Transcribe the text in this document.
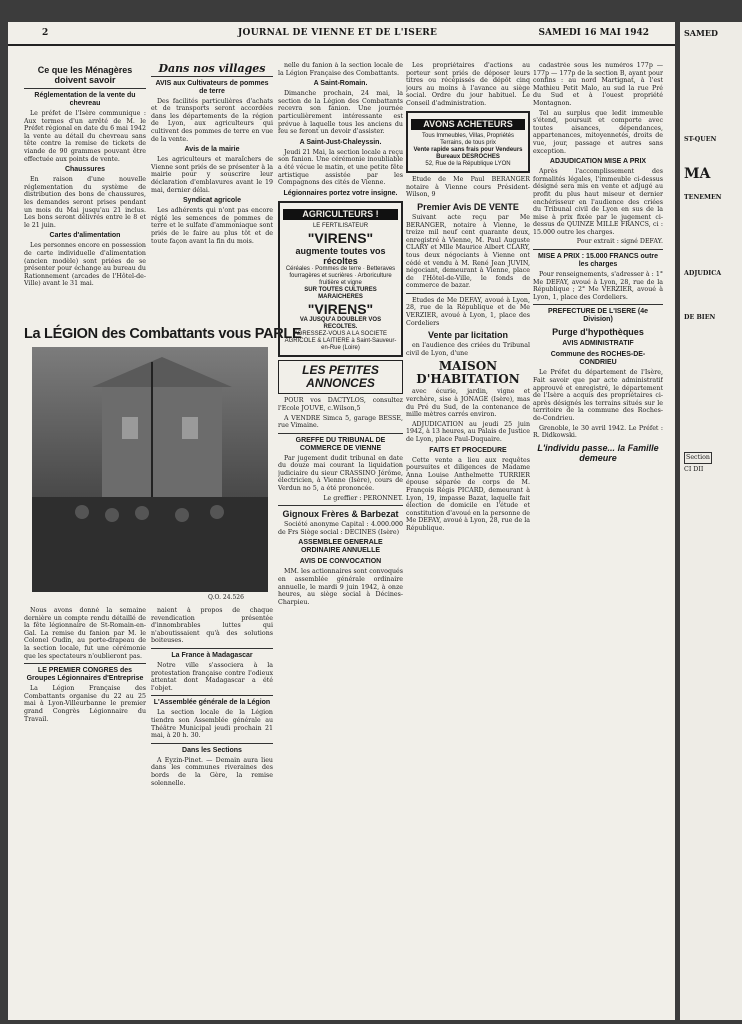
2	JOURNAL DE VIENNE ET DE L'ISERE	SAMEDI 16 MAI 1942
Ce que les Ménagères doivent savoir
Réglementation de la vente du chevreau

Le préfet de l'Isère communique : Aux termes d'un arrêté de M. le Préfet régional en date du 6 mai 1942 la vente au détail du chevreau sans tête contre la remise de tickets de viande de 90 grammes pouvant être effectuée aux points de vente.

Chaussures

En raison d'une nouvelle réglementation du système de distribution des bons de chaussures, les demandes seront prises pendant un mois du Mai jusqu'au 21 inclus. Les bons seront délivrés entre le 8 et le 21 juin.

Cartes d'alimentation

Les personnes encore en possession de carte individuelle d'alimentation (ancien modèle) sont priées de se présenter pour échange au bureau du Rationnement (arcades de l'Hôtel-de-Ville) avant le 31 mai.

Dans nos villages
AVIS aux Cultivateurs de pommes de terre

Des facilités particulières d'achats et de transports seront accordées dans les départements de la région de Lyon, aux agriculteurs qui cultivent des pommes de terre en vue de la vente.

Avis de la mairie

Les agriculteurs et maraîchers de Vienne sont priés de se présenter à la mairie pour y souscrire leur déclaration d'emblavures avant le 19 mai, dernier délai.

Syndicat agricole

Les adhérents qui n'ont pas encore réglé les semences de pommes de terre et le sulfate d'ammoniaque sont priés de le faire au plus tôt et de toute façon avant la fin du mois.

La LÉGION des Combattants vous PARLE
Q.O. 24.526

Nous avons donné la semaine dernière un compte rendu détaillé de la fête légionnaire de St-Romain-en-Gal. La remise du fanion par M. le Colonel Oudin, au porte-drapeau de la section locale, fut une cérémonie que les spectateurs n'oublieront pas.

LE PREMIER CONGRES des Groupes Légionnaires d'Entreprise

La Légion Française des Combattants organise du 22 au 25 mai à Lyon-Villeurbanne le premier grand Congrès Légionnaire du Travail.

naient à propos de chaque revendication présentée d'innombrables luttes qui n'aboutissaient qu'à des solutions boiteuses.

La France à Madagascar

Notre ville s'associera à la protestation française contre l'odieux attentat dont Madagascar a été l'objet.

L'Assemblée générale de la Légion

La section locale de la Légion tiendra son Assemblée générale au Théâtre Municipal jeudi prochain 21 mai, à 20 h. 30.

Dans les Sections

A Eyzin-Pinet. — Demain aura lieu dans les communes riveraines des bords de la Gère, la remise solennelle.

nelle du fanion à la section locale de la Légion Française des Combattants.

A Saint-Romain.

Dimanche prochain, 24 mai, la section de la Légion des Combattants recevra son fanion. Une journée particulièrement intéressante est prévue à laquelle tous les anciens du feu se feront un devoir d'assister.

A Saint-Just-Chaleyssin.

Jeudi 21 Mai, la section locale a reçu son fanion. Une cérémonie inoubliable a été vécue le matin, et une petite fête artistique assistée par les Compagnons des cités de Vienne.

Légionnaires portez votre insigne.
AGRICULTEURS !
LE FERTILISATEUR
"VIRENS"
augmente toutes vos récoltes
Céréales · Pommes de terre · Betteraves fourragères et sucrières · Arboriculture fruitière et vigne
SUR TOUTES CULTURES MARAICHERES
"VIRENS"
VA JUSQU'A DOUBLER VOS RECOLTES.
ADRESSEZ-VOUS A LA SOCIETE AGRICOLE & LAITIERE à Saint-Sauveur-en-Rue (Loire)
LES PETITES ANNONCES

POUR vos DACTYLOS, consultez l'Ecole JOUVE, c.Wilson,5

A VENDRE Simca 5, garage BESSE, rue Vimaine.

GREFFE DU TRIBUNAL DE COMMERCE DE VIENNE

Par jugement dudit tribunal en date du douze mai courant la liquidation judiciaire du sieur CRASSINO Jérôme, électricien, à Vienne (Isère), cours de Verdun no 5, a été prononcée.

Le greffier : PERONNET.

Gignoux Frères & Barbezat

Société anonyme Capital : 4.000.000 de Frs Siège social : DECINES (Isère)

ASSEMBLEE GENERALE ORDINAIRE ANNUELLE
AVIS DE CONVOCATION

MM. les actionnaires sont convoqués en assemblée générale ordinaire annuelle, le mardi 9 juin 1942, à onze heures, au siège social à Décines-Charpieu.

Les propriétaires d'actions au porteur sont priés de déposer leurs titres ou récépissés de dépôt cinq jours au moins à l'avance au siège social. Ordre du jour habituel. Le Conseil d'administration.

AVONS ACHETEURS
Tous Immeubles, Villas, Propriétés
Terrains, de tous prix
Vente rapide sans frais pour Vendeurs
Bureaux DESROCHES
52, Rue de la République LYON

Etude de Me Paul BERANGER notaire à Vienne cours Président-Wilson, 9

Premier Avis DE VENTE

Suivant acte reçu par Me BERANGER, notaire à Vienne, le treize mil neuf cent quarante deux, enregistré à Vienne, M. Paul Auguste CLARY et Mlle Maurice Albert CLARY, tous deux négociants à Vienne ont cédé et vendu à M. René Jean JUVIN, négociant, demeurant à Vienne, place de l'Hôtel-de-Ville, le fonds de commerce de bazar.

Etudes de Me DEFAY, avoué à Lyon, 28, rue de la République et de Me VERZIER, avoué à Lyon, 1, place des Cordeliers

Vente par licitation

en l'audience des criées du Tribunal civil de Lyon, d'une

MAISON D'HABITATION

avec écurie, jardin, vigne et verchère, sise à JONAGE (Isère), mas du Pré du Sud, de la contenance de mille mètres carrés environ.

ADJUDICATION au jeudi 25 juin 1942, à 13 heures, au Palais de Justice de Lyon, place Paul-Duquaire.

FAITS ET PROCEDURE

Cette vente a lieu aux requêtes poursuites et diligences de Madame Anna Louise Anthelmette TURRIER épouse séparée de corps de M. François Régis PICARD, demeurant à Lyon, 19, impasse Bazat, laquelle fait élection de domicile en l'étude et constitution d'avoué en la personne de Me DEFAY, avoué à Lyon, 28, rue de la République.

cadastrée sous les numéros 177p — 177p — 177p de la section B, ayant pour confins : au nord Martignat, à l'est Mathieu Petit Malo, au sud la rue Pré du Sud et à l'ouest propriété Montagnon.

Tel au surplus que ledit immeuble s'étend, poursuit et comporte avec toutes aisances, dépendances, appartenances, mitoyennetés, droits de vue, jour, passage et autres sans exception.

ADJUDICATION MISE A PRIX

Après l'accomplissement des formalités légales, l'immeuble ci-dessus désigné sera mis en vente et adjugé au profit du plus haut miseur et dernier enchérisseur en l'audience des criées du Tribunal civil de Lyon en sus de la mise à prix fixée par le jugement ci-dessus de QUINZE MILLE FRANCS, ci : 15.000 outre les charges.

Pour extrait : signé DEFAY.

MISE A PRIX : 15.000 FRANCS outre les charges

Pour renseignements, s'adresser à : 1° Me DEFAY, avoué à Lyon, 28, rue de la République ; 2° Me VERZIER, avoué à Lyon, 1, place des Cordeliers.

PREFECTURE DE L'ISERE (4e Division)
Purge d'hypothèques
AVIS ADMINISTRATIF
Commune des ROCHES-DE-CONDRIEU

Le Préfet du département de l'Isère, Fait savoir que par acte administratif approuvé et enregistré, le département de l'Isère a acquis des propriétaires ci-après désignés les terrains situés sur le territoire de la commune des Roches-de-Condrieu.

Grenoble, le 30 avril 1942. Le Préfet : R. Didkowski.

L'individu passe... la Famille demeure
SAMED
ST-QUEN
MA
TENEMEN
ADJUDICA
DE BIEN
Section
CI DII
